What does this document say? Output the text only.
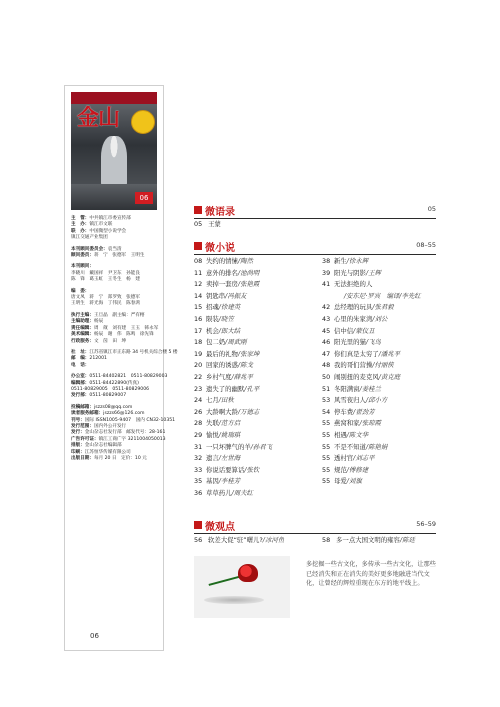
金山
06
主　管：中共镇江市委宣传部
主　办：镇江市文联
联　办：中国微型小说学会
镇江交通产业集团
本刊顾问委员会：袁当清
顾问委员：蒋　宁　张德军　王明生
本刊顾问：
李晓川　戴国祥　尹卫东　孙能良
陈　锋　葛玉虹　王冬生　杨　建
编　委：
唐文凤　蒋　宁　郑罗致　张德军
王明生　蒋光海　丁伟民　陈春鸿
执行主编：王旦晶　副主编：严有榕
主编助理：杨辰
责任编辑：周　葳　刘有建　王玉　韩永军
美术编辑：杨辰　谢　伟　陈鸣　徐先锋
行政服务：文　茵　田　坤
社　址：江苏省镇江市正东路 34 号机关综合楼 5 楼
邮　编：212001
电　话：
办公室：0511-84402821　0511-80829003
编辑部：0511-84422890(传真)
0511-80829005　0511-80829006
发行部：0511-80829007
投稿邮箱：jszzs08@qq.com
读者服务邮箱：jszzs66@126.com
刊号：国际 ISSN1005-9407　国内 CN32-10351
发行范围：国内外公开发行
发行：金山杂志社发行部　邮发代号：28-161
广告许可证：镇江工商广字 3211004050013
排版：金山杂志社编辑部
印刷：江苏恒华传媒有限公司
出版日期：每月 20 日　定价：10 元
微语录	05
05 王蒙
微小说	08–55
08 失约的情愫/陶然
11 意外的排名/池尚明
12 卖掉一套房/张艳霞
14 钥匙串/冯振友
15 招魂/徐建英
16 限装/晓笠
17 机会/郎大结
18 包二奶/周武刚
19 最后的礼物/张家坤
20 回家的诱惑/陈戈
22 乡村气度/薛兆平
23 遗失了的幽默/孔平
24 七月/田秋
26 大龄啊大龄/万德志
28 失联/范方启
29 愉悦/姚瑞琪
31 一只坏脾气的羊/孙君飞
32 遗言/左世海
33 你说话要算话/张钦
35 基因/李桂芳
36 草草药儿/周夫红
38 新生/徐永辉
39 阳光与阴影/王辉
41 无法拒绝的人
/安东尼·罗宾　编译/李先红
42 总经理的玩具/张君毅
43 心里的朱家湾/刘公
45 信中信/蒙仪丑
46 阳光里的猫/飞鸟
47 你们真是太穷了/潘兆平
48 我的哥们营操/付丽侠
50 闹别扭的麦克风/黄克庭
51 冬阳满窗/姜桂兰
53 风雪夜归人/邱小方
54 停车费/翟劲芳
55 燕窝和家/张琼霞
55 相遇/陈文华
55 不是不知道/陈艳娟
55 透村官/刘志平
55 规范/傅修建
55 母爱/刘旗
微观点	56–59
56 软差大促“驻”曙儿?/冰河鱼	58 多一点大国文明的雍容/陈廷
多挖掘一些古文化，多传承一些古文化，让那些已经消失和正在消失的美好更多地融进当代文化，让曾经的辉煌重现在东方的地平线上。
06
